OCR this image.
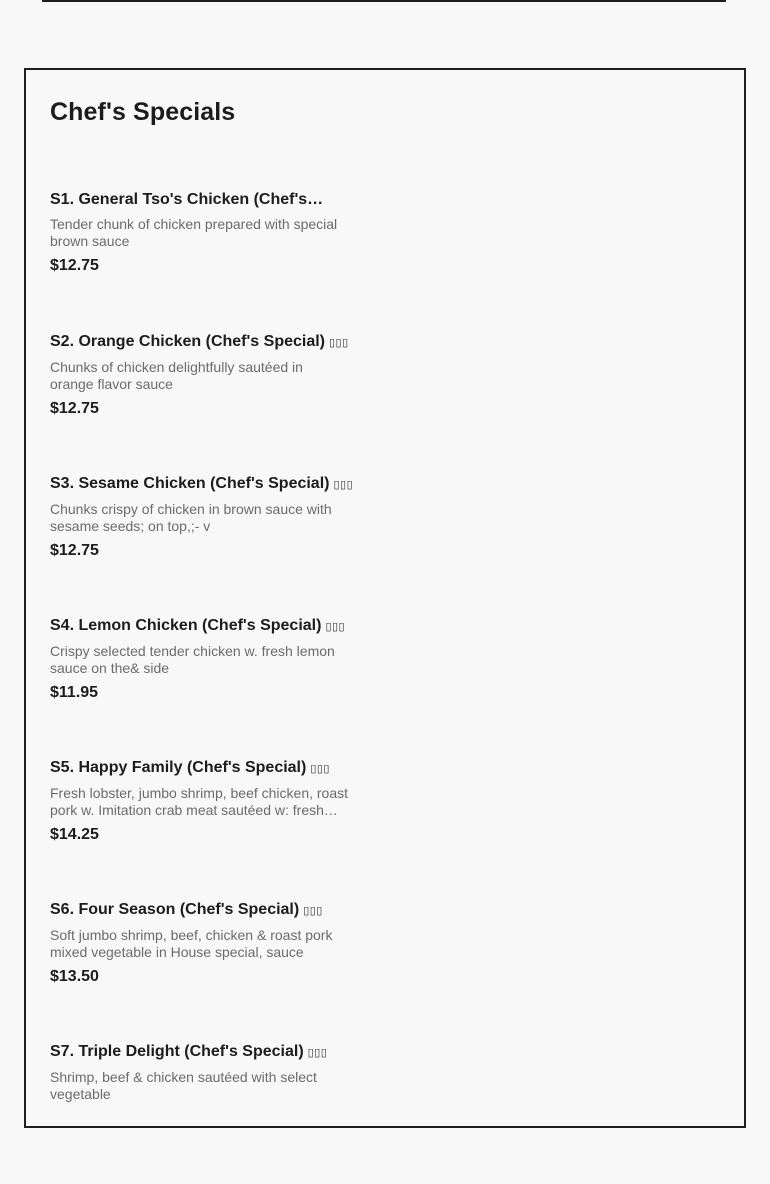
Chef's Specials
S1. General Tso's Chicken (Chef's…
Tender chunk of chicken prepared with special brown sauce
$12.75
S2. Orange Chicken (Chef's Special) ▯▯▯
Chunks of chicken delightfully sautéed in orange flavor sauce
$12.75
S3. Sesame Chicken (Chef's Special) ▯▯▯
Chunks crispy of chicken in brown sauce with sesame seeds; on top,;- v
$12.75
S4. Lemon Chicken (Chef's Special) ▯▯▯
Crispy selected tender chicken w. fresh lemon sauce on the& side
$11.95
S5. Happy Family (Chef's Special) ▯▯▯
Fresh lobster, jumbo shrimp, beef chicken, roast pork w. Imitation crab meat sautéed w: fresh…
$14.25
S6. Four Season (Chef's Special) ▯▯▯
Soft jumbo shrimp, beef, chicken & roast pork mixed vegetable in House special, sauce
$13.50
S7. Triple Delight (Chef's Special) ▯▯▯
Shrimp, beef & chicken sautéed with select vegetable
